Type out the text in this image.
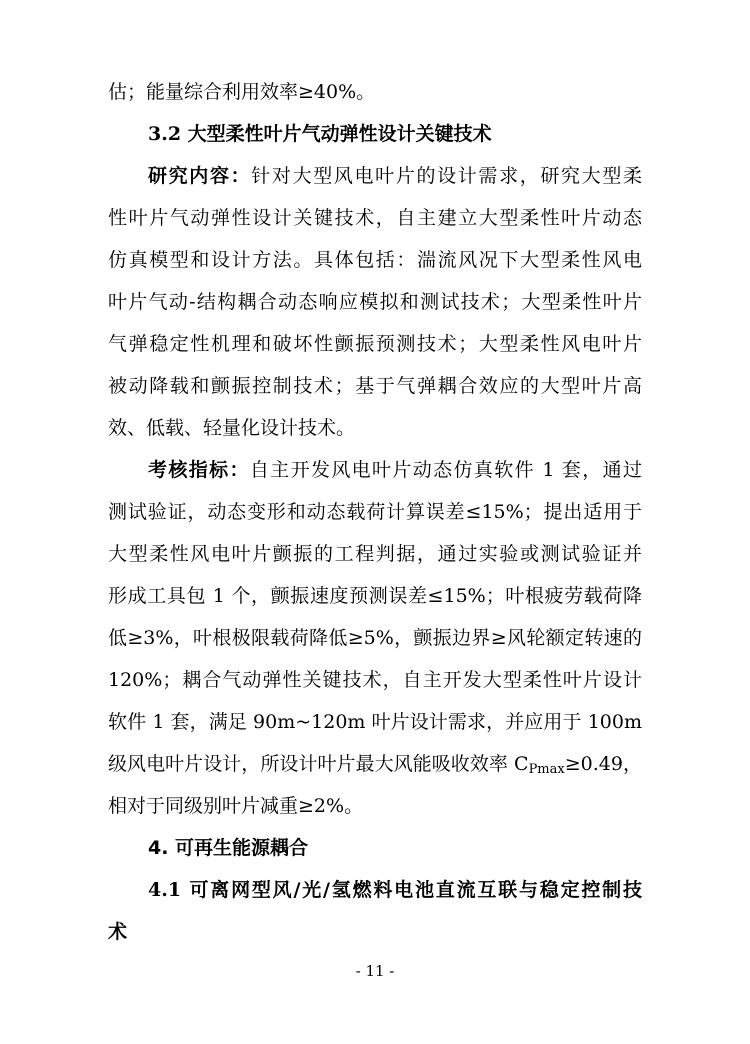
估；能量综合利用效率≥40%。
3.2 大型柔性叶片气动弹性设计关键技术
研究内容：针对大型风电叶片的设计需求，研究大型柔
性叶片气动弹性设计关键技术，自主建立大型柔性叶片动态
仿真模型和设计方法。具体包括：湍流风况下大型柔性风电
叶片气动-结构耦合动态响应模拟和测试技术；大型柔性叶片
气弹稳定性机理和破坏性颤振预测技术；大型柔性风电叶片
被动降载和颤振控制技术；基于气弹耦合效应的大型叶片高
效、低载、轻量化设计技术。
考核指标：自主开发风电叶片动态仿真软件 1 套，通过
测试验证，动态变形和动态载荷计算误差≤15%；提出适用于
大型柔性风电叶片颤振的工程判据，通过实验或测试验证并
形成工具包 1 个，颤振速度预测误差≤15%；叶根疲劳载荷降
低≥3%，叶根极限载荷降低≥5%，颤振边界≥风轮额定转速的
120%；耦合气动弹性关键技术，自主开发大型柔性叶片设计
软件 1 套，满足 90m~120m 叶片设计需求，并应用于 100m
级风电叶片设计，所设计叶片最大风能吸收效率 $C_{Pmax}\ge 0.49$，
相对于同级别叶片减重≥2%。
4. 可再生能源耦合
4.1 可离网型风/光/氢燃料电池直流互联与稳定控制技
术
- 11 -
